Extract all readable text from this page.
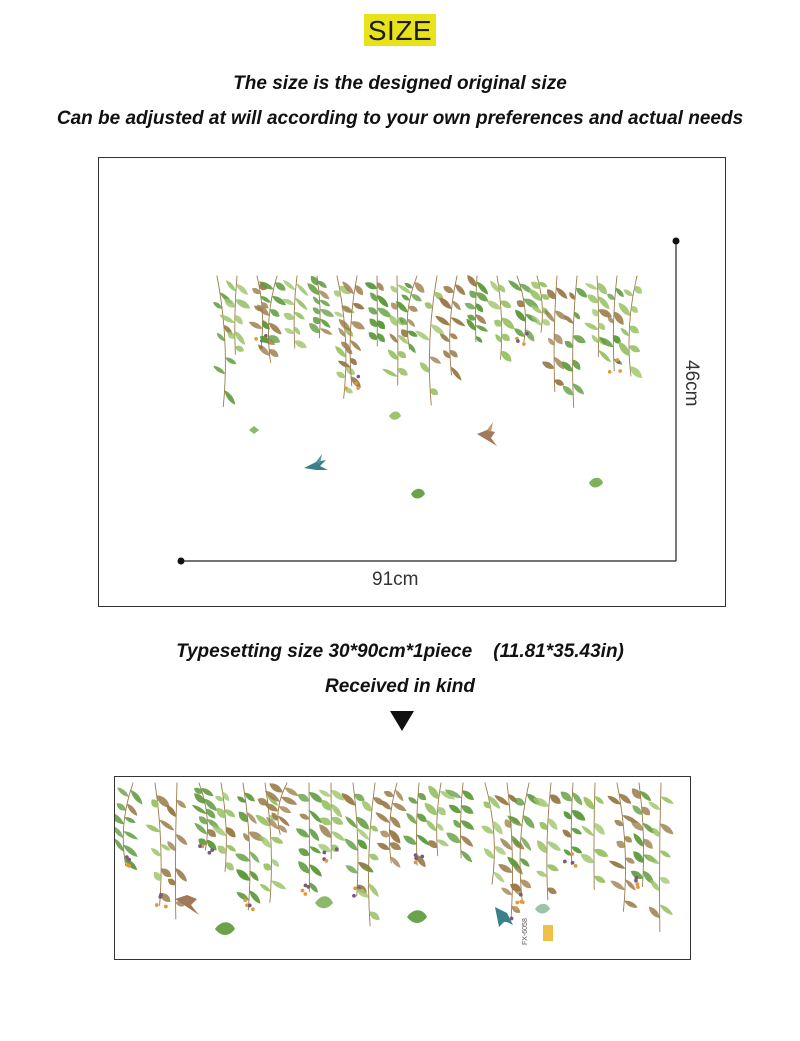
SIZE
The size is the designed original size
Can be adjusted at will according to your own preferences and actual needs
91cm
46cm
Typesetting size 30*90cm*1piece    (11.81*35.43in)
Received in kind
FX-6058
